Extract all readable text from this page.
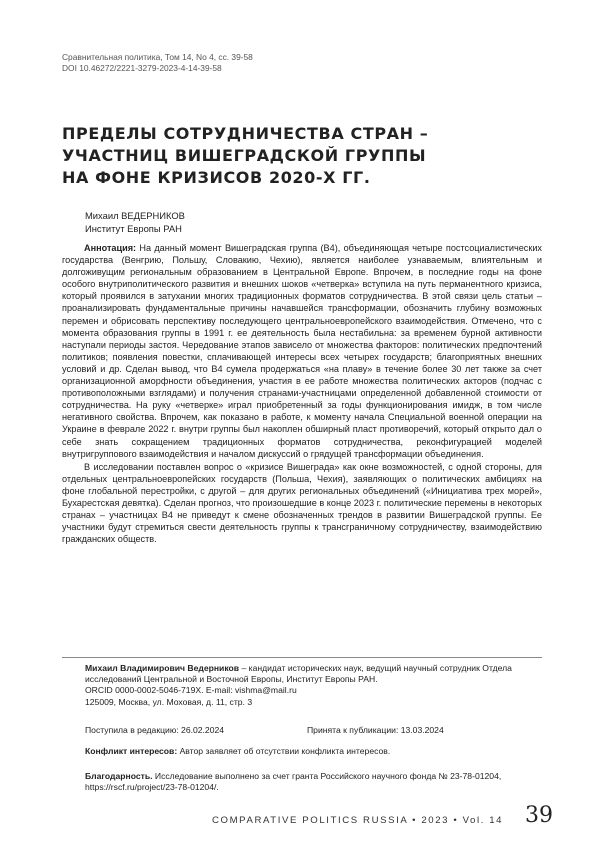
Сравнительная политика, Том 14, No 4, сс. 39-58
DOI 10.46272/2221-3279-2023-4-14-39-58
ПРЕДЕЛЫ СОТРУДНИЧЕСТВА СТРАН –
УЧАСТНИЦ ВИШЕГРАДСКОЙ ГРУППЫ
НА ФОНЕ КРИЗИСОВ 2020-Х ГГ.
Михаил ВЕДЕРНИКОВ
Институт Европы РАН

Аннотация: На данный момент Вишеградская группа (В4), объединяющая четыре постсоциалистических государства (Венгрию, Польшу, Словакию, Чехию), является наиболее узнаваемым, влиятельным и долгоживущим региональным образованием в Центральной Европе. Впрочем, в последние годы на фоне особого внутриполитического развития и внешних шоков «четверка» вступила на путь перманентного кризиса, который проявился в затухании многих традиционных форматов сотрудничества. В этой связи цель статьи – проанализировать фундаментальные причины начавшейся трансформации, обозначить глубину возможных перемен и обрисовать перспективу последующего центральноевропейского взаимодействия. Отмечено, что с момента образования группы в 1991 г. ее деятельность была нестабильна: за временем бурной активности наступали периоды застоя. Чередование этапов зависело от множества факторов: политических предпочтений политиков; появления повестки, сплачивающей интересы всех четырех государств; благоприятных внешних условий и др. Сделан вывод, что В4 сумела продержаться «на плаву» в течение более 30 лет также за счет организационной аморфности объединения, участия в ее работе множества политических акторов (подчас с противоположными взглядами) и получения странами-участницами определенной добавленной стоимости от сотрудничества. На руку «четверке» играл приобретенный за годы функционирования имидж, в том числе негативного свойства. Впрочем, как показано в работе, к моменту начала Специальной военной операции на Украине в феврале 2022 г. внутри группы был накоплен обширный пласт противоречий, который открыто дал о себе знать сокращением традиционных форматов сотрудничества, реконфигурацией моделей внутригруппового взаимодействия и началом дискуссий о грядущей трансформации объединения.

В исследовании поставлен вопрос о «кризисе Вишеграда» как окне возможностей, с одной стороны, для отдельных центральноевропейских государств (Польша, Чехия), заявляющих о политических амбициях на фоне глобальной перестройки, с другой – для других региональных объединений («Инициатива трех морей», Бухарестская девятка). Сделан прогноз, что произошедшие в конце 2023 г. политические перемены в некоторых странах – участницах В4 не приведут к смене обозначенных трендов в развитии Вишеградской группы. Ее участники будут стремиться свести деятельность группы к трансграничному сотрудничеству, взаимодействию гражданских обществ.

Михаил Владимирович Ведерников – кандидат исторических наук, ведущий научный сотрудник Отдела исследований Центральной и Восточной Европы, Институт Европы РАН.
ORCID 0000-0002-5046-719X. E-mail: vishma@mail.ru
125009, Москва, ул. Моховая, д. 11, стр. 3
Поступила в редакцию: 26.02.2024	Принята к публикации: 13.03.2024
Конфликт интересов: Автор заявляет об отсутствии конфликта интересов.
Благодарность. Исследование выполнено за счет гранта Российского научного фонда № 23-78-01204, https://rscf.ru/project/23-78-01204/.
COMPARATIVE POLITICS RUSSIA • 2023 • Vol. 14 39
